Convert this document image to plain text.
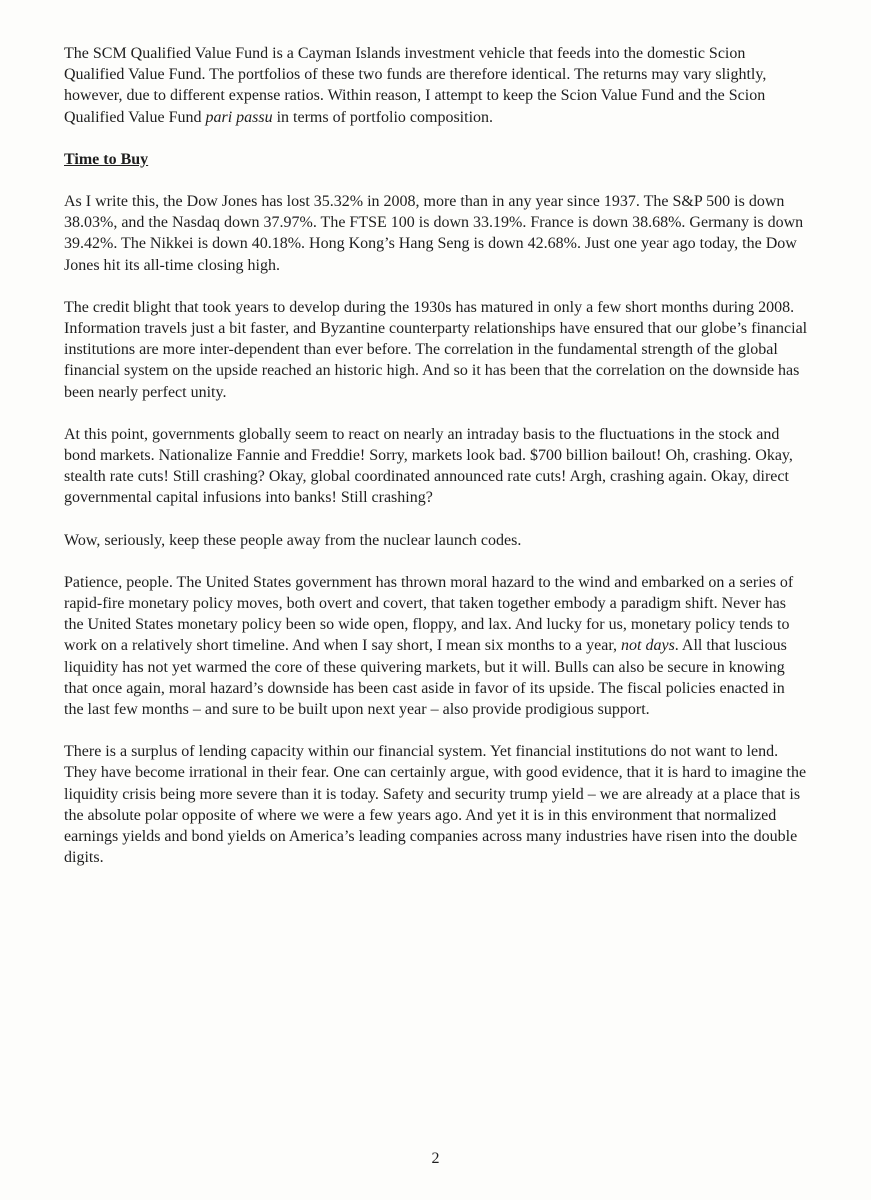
The SCM Qualified Value Fund is a Cayman Islands investment vehicle that feeds into the domestic Scion Qualified Value Fund. The portfolios of these two funds are therefore identical. The returns may vary slightly, however, due to different expense ratios. Within reason, I attempt to keep the Scion Value Fund and the Scion Qualified Value Fund pari passu in terms of portfolio composition.

Time to Buy

As I write this, the Dow Jones has lost 35.32% in 2008, more than in any year since 1937. The S&P 500 is down 38.03%, and the Nasdaq down 37.97%. The FTSE 100 is down 33.19%. France is down 38.68%. Germany is down 39.42%. The Nikkei is down 40.18%. Hong Kong’s Hang Seng is down 42.68%. Just one year ago today, the Dow Jones hit its all-time closing high.

The credit blight that took years to develop during the 1930s has matured in only a few short months during 2008. Information travels just a bit faster, and Byzantine counterparty relationships have ensured that our globe’s financial institutions are more inter-dependent than ever before. The correlation in the fundamental strength of the global financial system on the upside reached an historic high. And so it has been that the correlation on the downside has been nearly perfect unity.

At this point, governments globally seem to react on nearly an intraday basis to the fluctuations in the stock and bond markets. Nationalize Fannie and Freddie! Sorry, markets look bad. $700 billion bailout! Oh, crashing. Okay, stealth rate cuts! Still crashing? Okay, global coordinated announced rate cuts! Argh, crashing again. Okay, direct governmental capital infusions into banks! Still crashing?

Wow, seriously, keep these people away from the nuclear launch codes.

Patience, people. The United States government has thrown moral hazard to the wind and embarked on a series of rapid-fire monetary policy moves, both overt and covert, that taken together embody a paradigm shift. Never has the United States monetary policy been so wide open, floppy, and lax. And lucky for us, monetary policy tends to work on a relatively short timeline. And when I say short, I mean six months to a year, not days. All that luscious liquidity has not yet warmed the core of these quivering markets, but it will. Bulls can also be secure in knowing that once again, moral hazard’s downside has been cast aside in favor of its upside. The fiscal policies enacted in the last few months – and sure to be built upon next year – also provide prodigious support.

There is a surplus of lending capacity within our financial system. Yet financial institutions do not want to lend. They have become irrational in their fear. One can certainly argue, with good evidence, that it is hard to imagine the liquidity crisis being more severe than it is today. Safety and security trump yield – we are already at a place that is the absolute polar opposite of where we were a few years ago. And yet it is in this environment that normalized earnings yields and bond yields on America’s leading companies across many industries have risen into the double digits.

2
